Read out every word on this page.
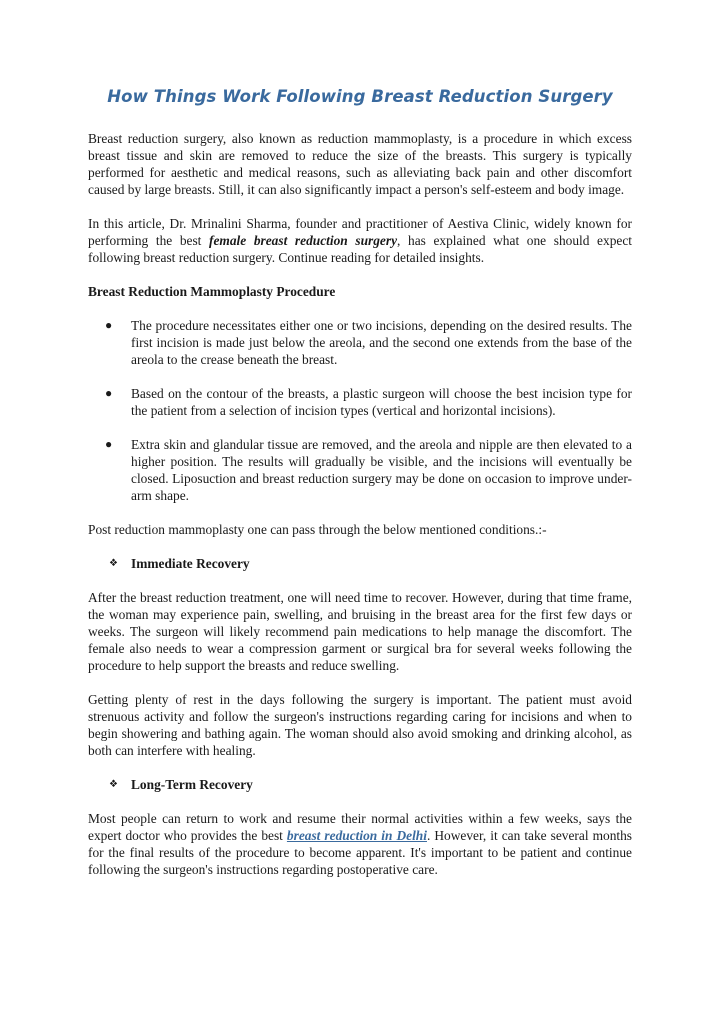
How Things Work Following Breast Reduction Surgery

Breast reduction surgery, also known as reduction mammoplasty, is a procedure in which excess breast tissue and skin are removed to reduce the size of the breasts. This surgery is typically performed for aesthetic and medical reasons, such as alleviating back pain and other discomfort caused by large breasts. Still, it can also significantly impact a person's self-esteem and body image.

In this article, Dr. Mrinalini Sharma, founder and practitioner of Aestiva Clinic, widely known for performing the best female breast reduction surgery, has explained what one should expect following breast reduction surgery. Continue reading for detailed insights.

Breast Reduction Mammoplasty Procedure

● The procedure necessitates either one or two incisions, depending on the desired results. The first incision is made just below the areola, and the second one extends from the base of the areola to the crease beneath the breast.
● Based on the contour of the breasts, a plastic surgeon will choose the best incision type for the patient from a selection of incision types (vertical and horizontal incisions).
● Extra skin and glandular tissue are removed, and the areola and nipple are then elevated to a higher position. The results will gradually be visible, and the incisions will eventually be closed. Liposuction and breast reduction surgery may be done on occasion to improve under-arm shape.

Post reduction mammoplasty one can pass through the below mentioned conditions.:-

❖ Immediate Recovery

After the breast reduction treatment, one will need time to recover. However, during that time frame, the woman may experience pain, swelling, and bruising in the breast area for the first few days or weeks. The surgeon will likely recommend pain medications to help manage the discomfort. The female also needs to wear a compression garment or surgical bra for several weeks following the procedure to help support the breasts and reduce swelling.

Getting plenty of rest in the days following the surgery is important. The patient must avoid strenuous activity and follow the surgeon's instructions regarding caring for incisions and when to begin showering and bathing again. The woman should also avoid smoking and drinking alcohol, as both can interfere with healing.

❖ Long-Term Recovery

Most people can return to work and resume their normal activities within a few weeks, says the expert doctor who provides the best breast reduction in Delhi. However, it can take several months for the final results of the procedure to become apparent. It's important to be patient and continue following the surgeon's instructions regarding postoperative care.
